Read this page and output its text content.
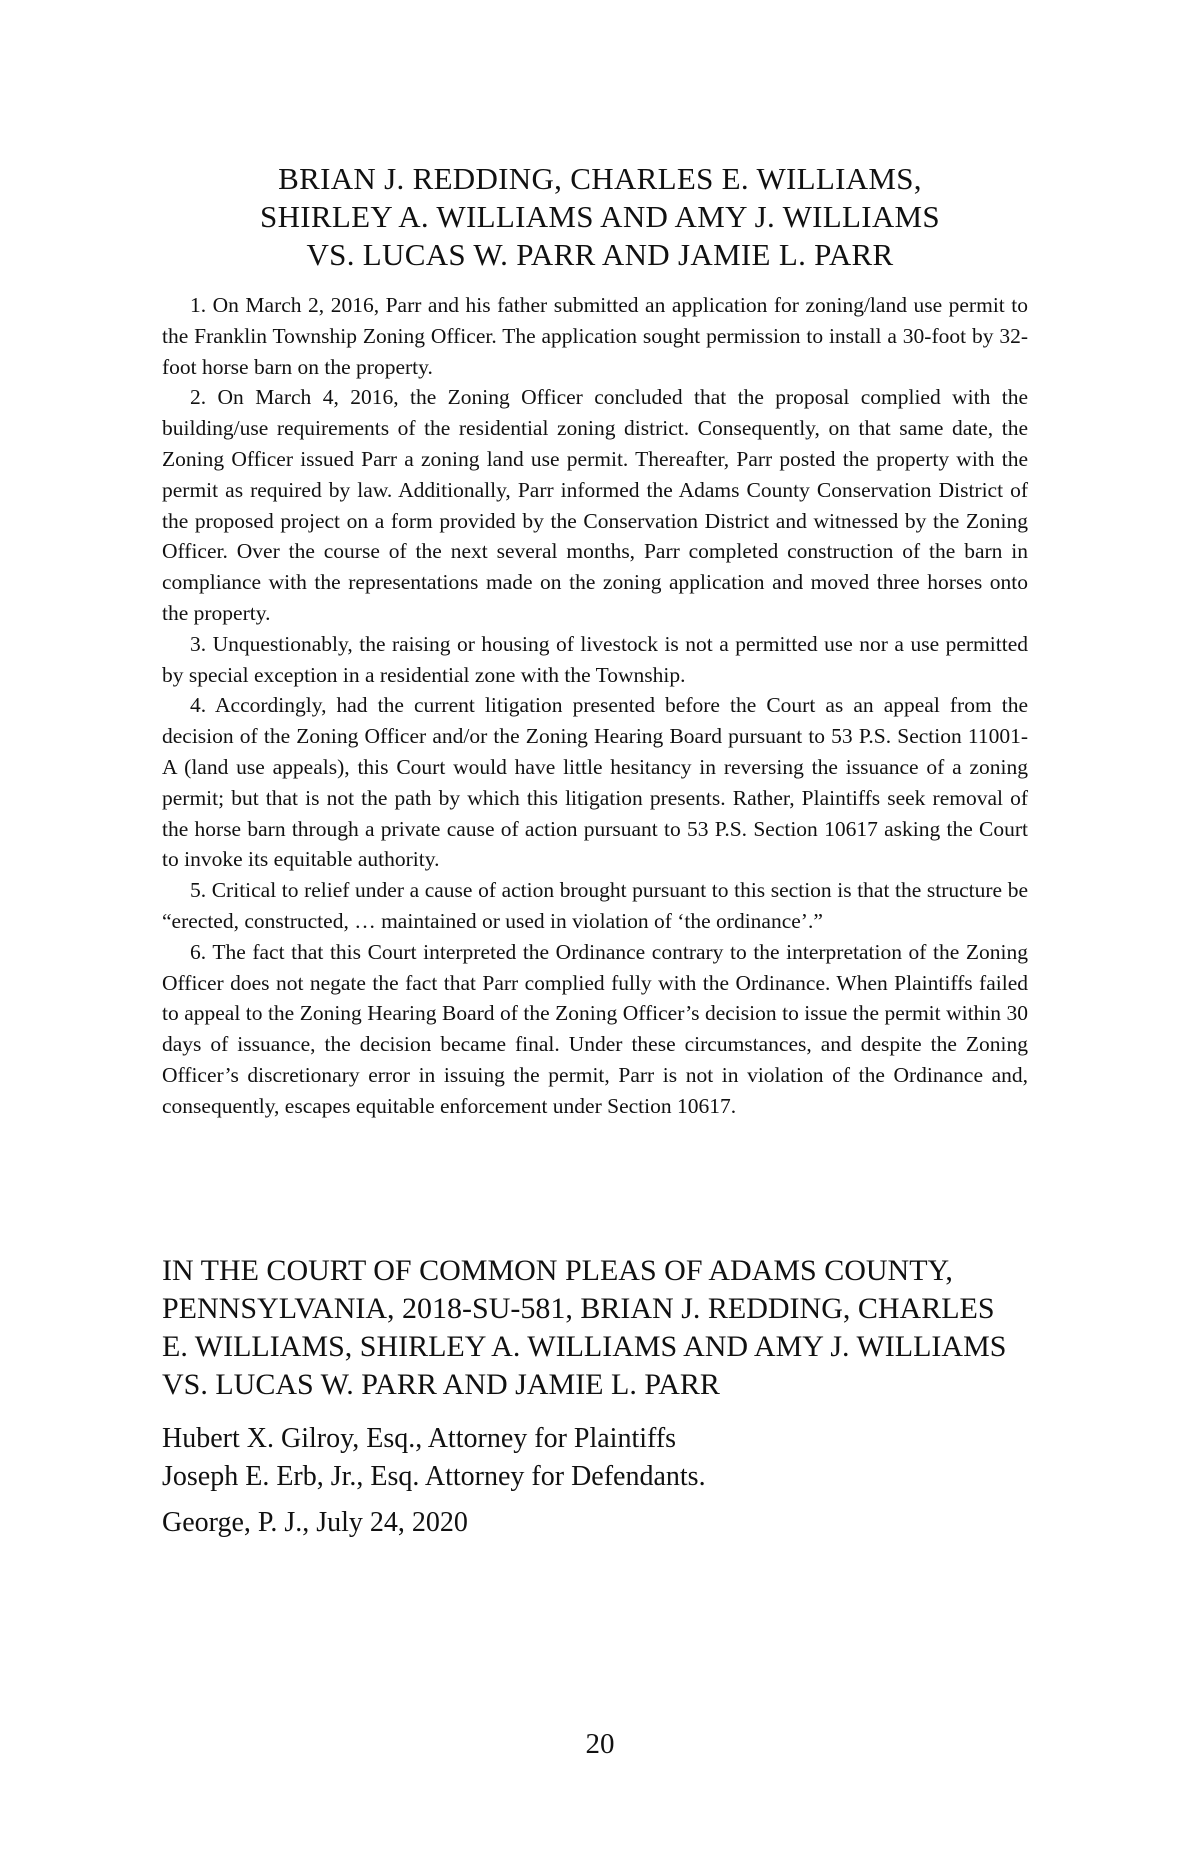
BRIAN J. REDDING, CHARLES E. WILLIAMS,
SHIRLEY A. WILLIAMS AND AMY J. WILLIAMS
VS. LUCAS W. PARR AND JAMIE L. PARR

1. On March 2, 2016, Parr and his father submitted an application for zoning/land use permit to the Franklin Township Zoning Officer. The application sought permission to install a 30-foot by 32-foot horse barn on the property.

2. On March 4, 2016, the Zoning Officer concluded that the proposal complied with the building/use requirements of the residential zoning district. Consequently, on that same date, the Zoning Officer issued Parr a zoning land use permit. Thereafter, Parr posted the property with the permit as required by law. Additionally, Parr informed the Adams County Conservation District of the proposed project on a form provided by the Conservation District and witnessed by the Zoning Officer. Over the course of the next several months, Parr completed construction of the barn in compliance with the representations made on the zoning application and moved three horses onto the property.

3. Unquestionably, the raising or housing of livestock is not a permitted use nor a use permitted by special exception in a residential zone with the Township.

4. Accordingly, had the current litigation presented before the Court as an appeal from the decision of the Zoning Officer and/or the Zoning Hearing Board pursuant to 53 P.S. Section 11001-A (land use appeals), this Court would have little hesitancy in reversing the issuance of a zoning permit; but that is not the path by which this litigation presents. Rather, Plaintiffs seek removal of the horse barn through a private cause of action pursuant to 53 P.S. Section 10617 asking the Court to invoke its equitable authority.

5. Critical to relief under a cause of action brought pursuant to this section is that the structure be “erected, constructed, … maintained or used in violation of ‘the ordinance’.”

6. The fact that this Court interpreted the Ordinance contrary to the interpretation of the Zoning Officer does not negate the fact that Parr complied fully with the Ordinance. When Plaintiffs failed to appeal to the Zoning Hearing Board of the Zoning Officer’s decision to issue the permit within 30 days of issuance, the decision became final. Under these circumstances, and despite the Zoning Officer’s discretionary error in issuing the permit, Parr is not in violation of the Ordinance and, consequently, escapes equitable enforcement under Section 10617.

IN THE COURT OF COMMON PLEAS OF ADAMS COUNTY,
PENNSYLVANIA, 2018-SU-581, BRIAN J. REDDING, CHARLES
E. WILLIAMS, SHIRLEY A. WILLIAMS AND AMY J. WILLIAMS
VS. LUCAS W. PARR AND JAMIE L. PARR
Hubert X. Gilroy, Esq., Attorney for Plaintiffs
Joseph E. Erb, Jr., Esq. Attorney for Defendants.
George, P. J., July 24, 2020
20
